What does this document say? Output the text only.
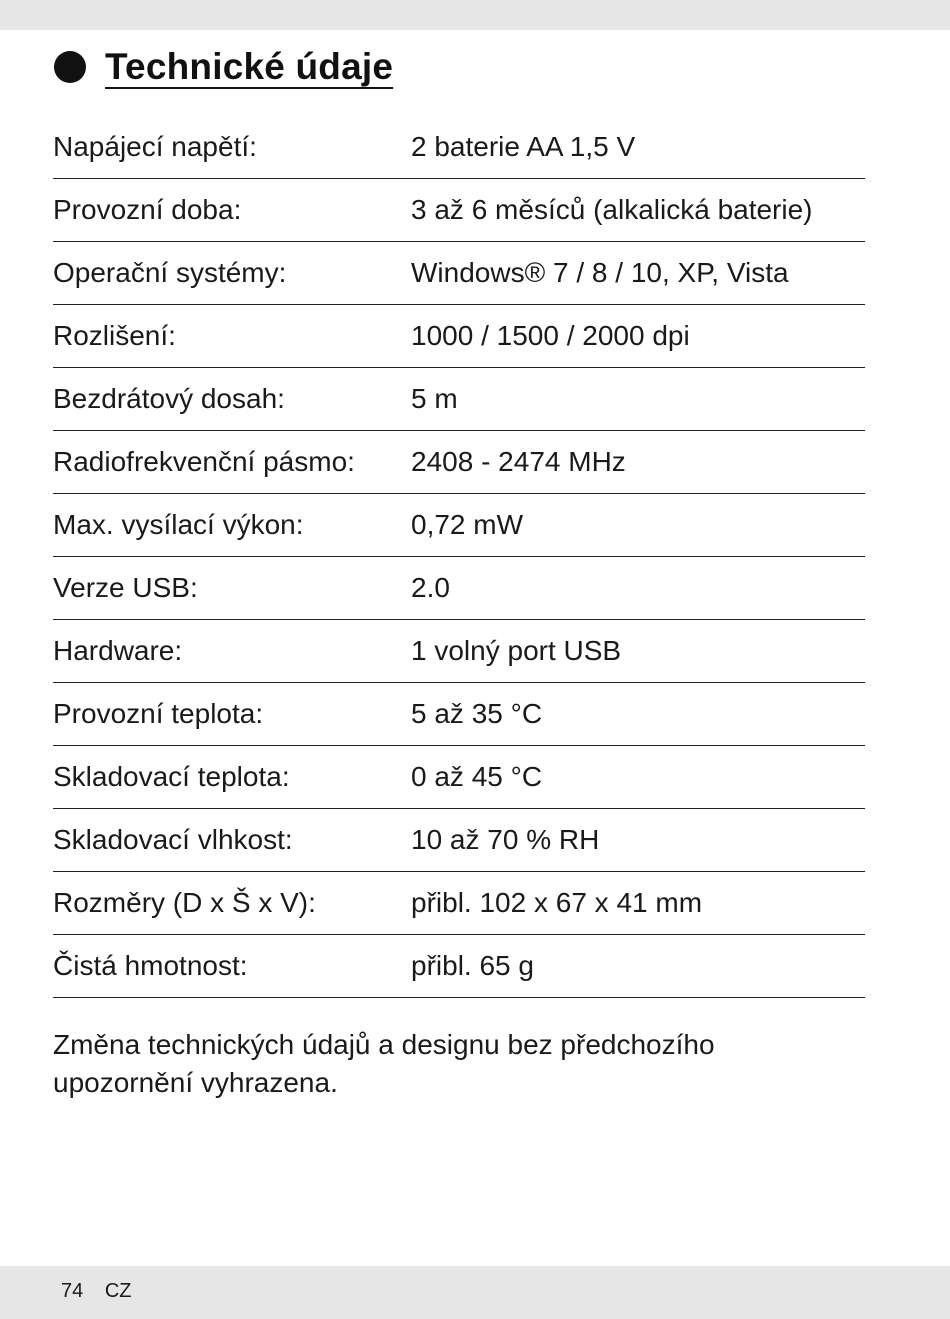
Technické údaje
Napájecí napětí:	2 baterie AA 1,5 V
Provozní doba:	3 až 6 měsíců (alkalická baterie)
Operační systémy:	Windows® 7 / 8 / 10, XP, Vista
Rozlišení:	1000 / 1500 / 2000 dpi
Bezdrátový dosah:	5 m
Radiofrekvenční pásmo: 2408 - 2474 MHz
Max. vysílací výkon:	0,72 mW
Verze USB:	2.0
Hardware:	1 volný port USB
Provozní teplota:	5 až 35 °C
Skladovací teplota:	0 až 45 °C
Skladovací vlhkost:	10 až 70 % RH
Rozměry (D x Š x V):	přibl. 102 x 67 x 41 mm
Čistá hmotnost:	přibl. 65 g
Změna technických údajů a designu bez předchozího
upozornění vyhrazena.
74 CZ
